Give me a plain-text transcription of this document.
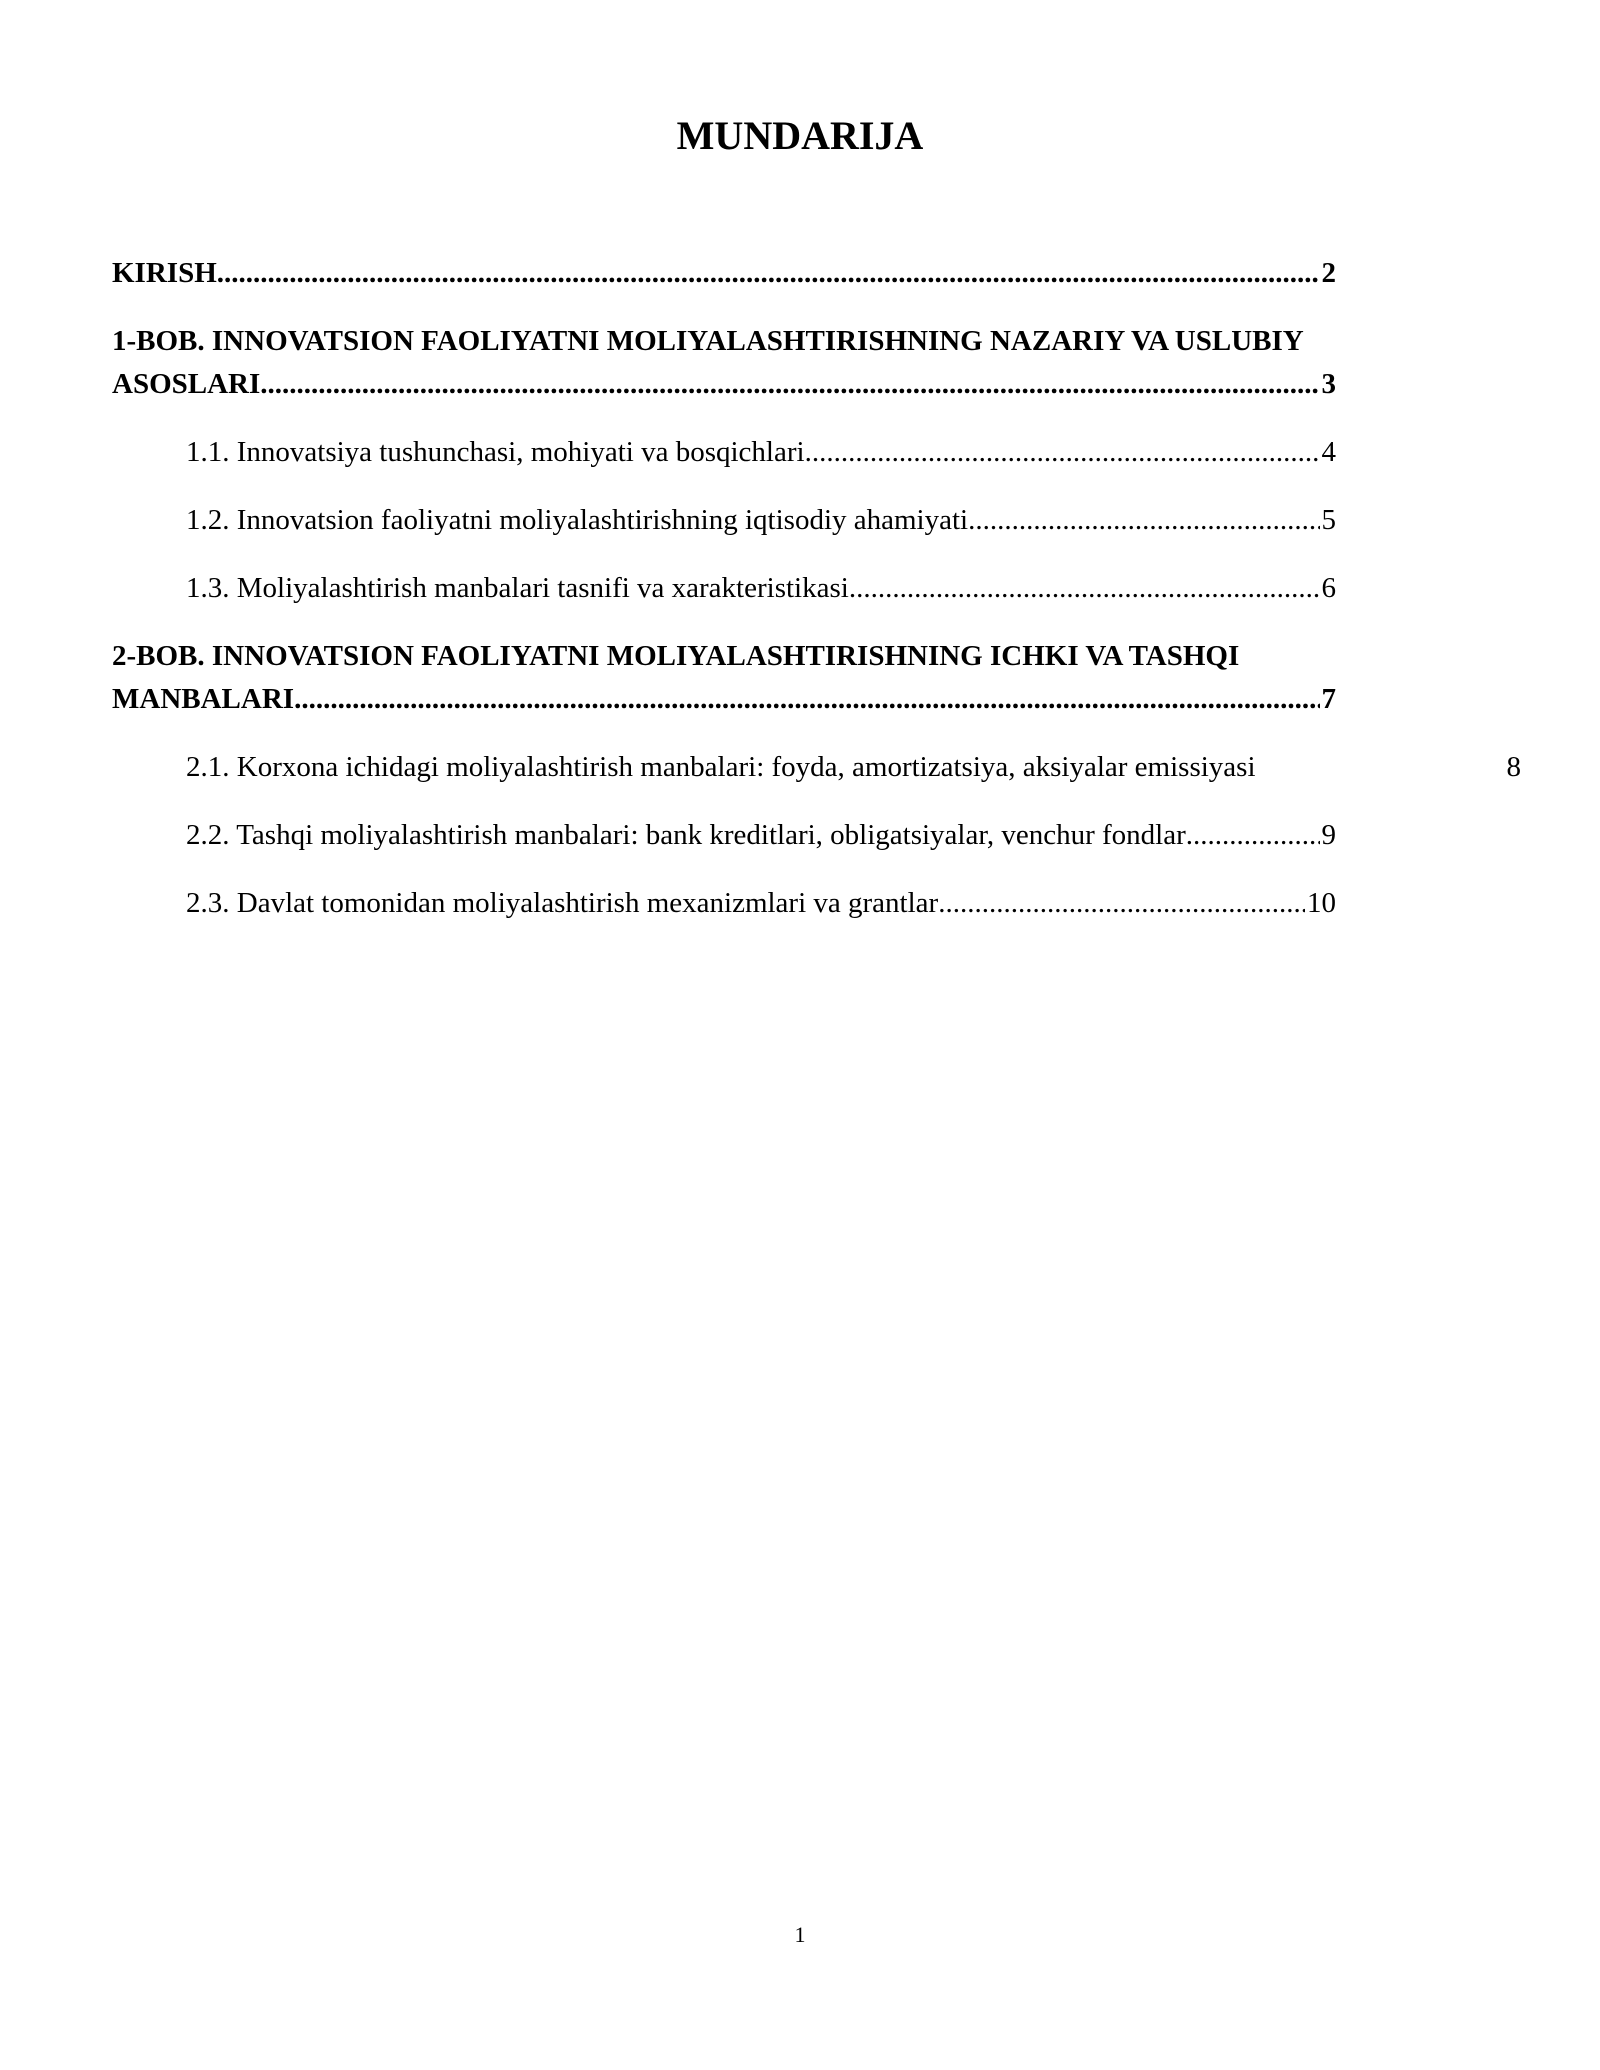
MUNDARIJA
KIRISH .....	2
1-BOB. INNOVATSION FAOLIYATNI MOLIYALASHTIRISHNING NAZARIY VA USLUBIY
ASOSLARI .....	3
1.1. Innovatsiya tushunchasi, mohiyati va bosqichlari .....	4
1.2. Innovatsion faoliyatni moliyalashtirishning iqtisodiy ahamiyati .....	5
1.3. Moliyalashtirish manbalari tasnifi va xarakteristikasi .....	6
2-BOB. INNOVATSION FAOLIYATNI MOLIYALASHTIRISHNING ICHKI VA TASHQI
MANBALARI .....	7
2.1. Korxona ichidagi moliyalashtirish manbalari: foyda, amortizatsiya, aksiyalar emissiyasi	8
2.2. Tashqi moliyalashtirish manbalari: bank kreditlari, obligatsiyalar, venchur fondlar .....	9
2.3. Davlat tomonidan moliyalashtirish mexanizmlari va grantlar .....	10
1
